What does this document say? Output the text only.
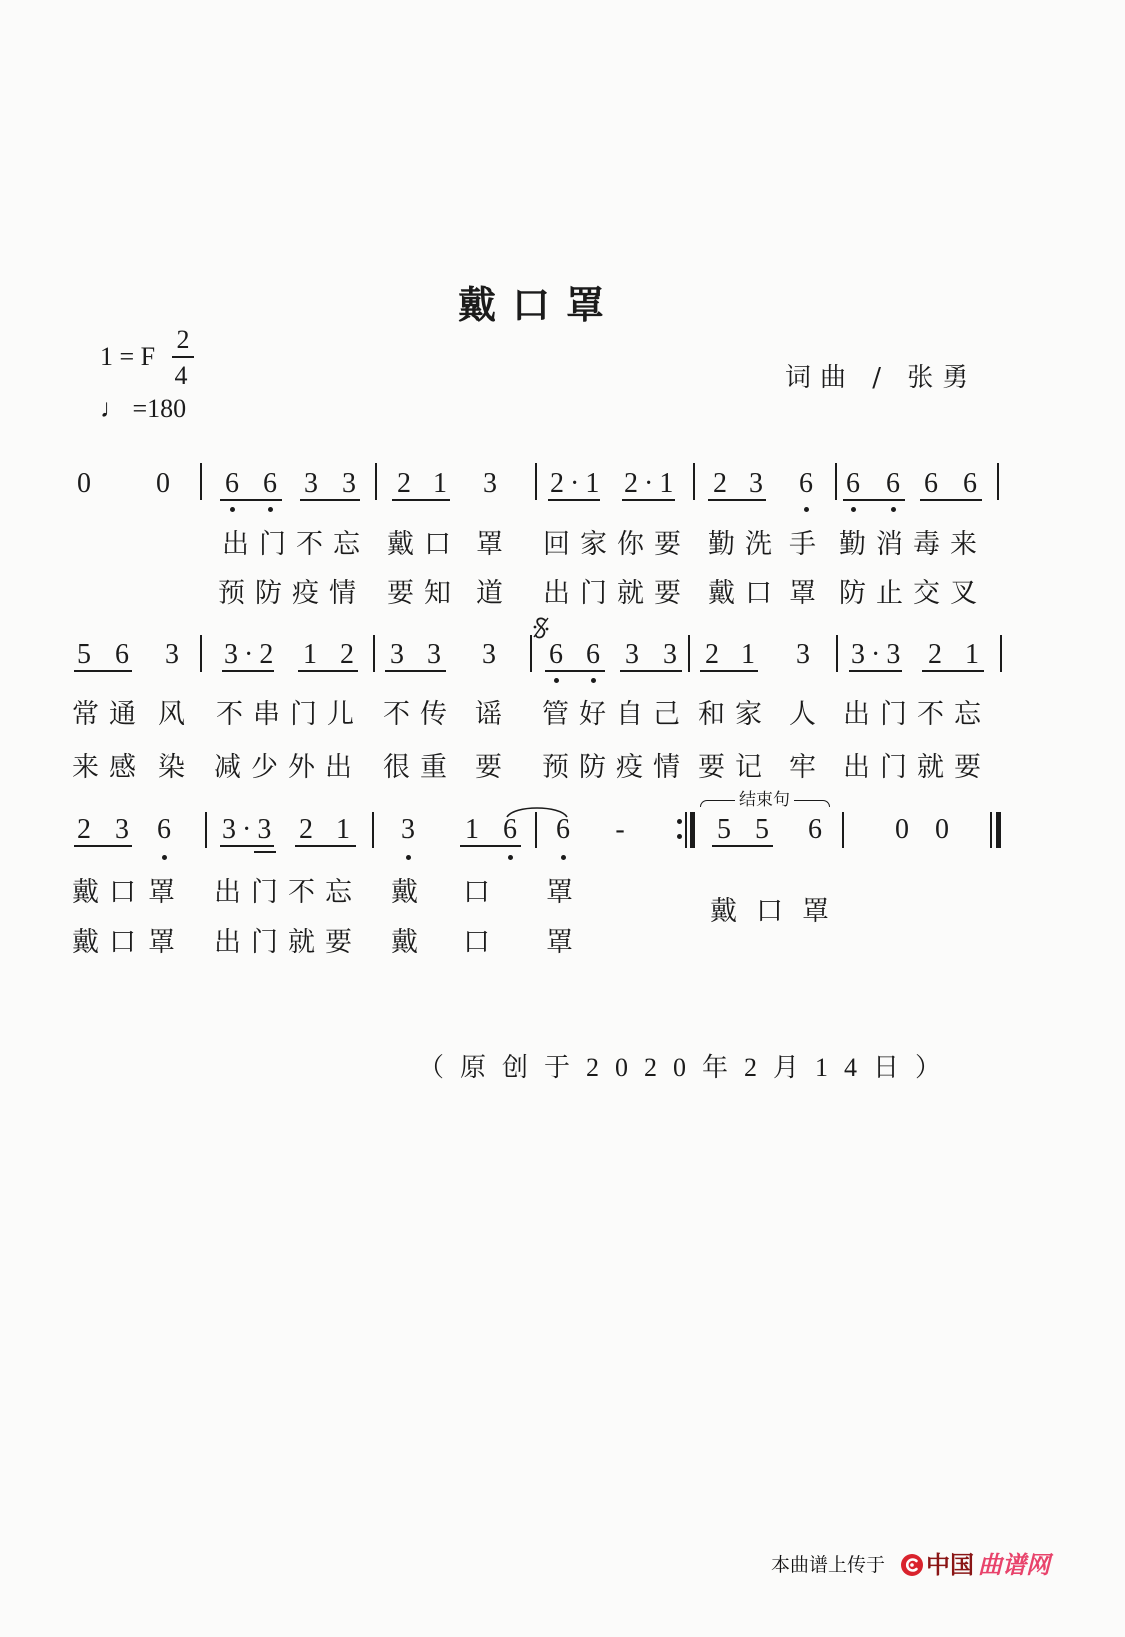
戴口罩
1 = F
2
4
♩ =180
词曲 / 张勇
0	0	6 6 3 3	2 1	3	2·1 2·1	2 3	6	6 6 6 6
出门不忘 戴口 罩 回家你要 勤洗 手 勤消毒来
预防疫情 要知 道 出门就要 戴口 罩 防止交叉
5 6	3	3·2 1 2	3 3	3	6 6 3 3	2 1	3	3·3 2 1
常通 风 不串门儿 不传 谣 管好自己 和家 人 出门不忘
来感 染 减少外出 很重 要 预防疫情 要记 牢 出门就要
2 3	6	3·3 2 1	3	1 6	6	-
结束句
5 5	6	0 0
戴口 罩 出门不忘 戴 口 罩
戴口 罩 出门就要 戴 口 罩
戴口罩
（原创于2020年2月14日）
本曲谱上传于 中国 曲谱网
